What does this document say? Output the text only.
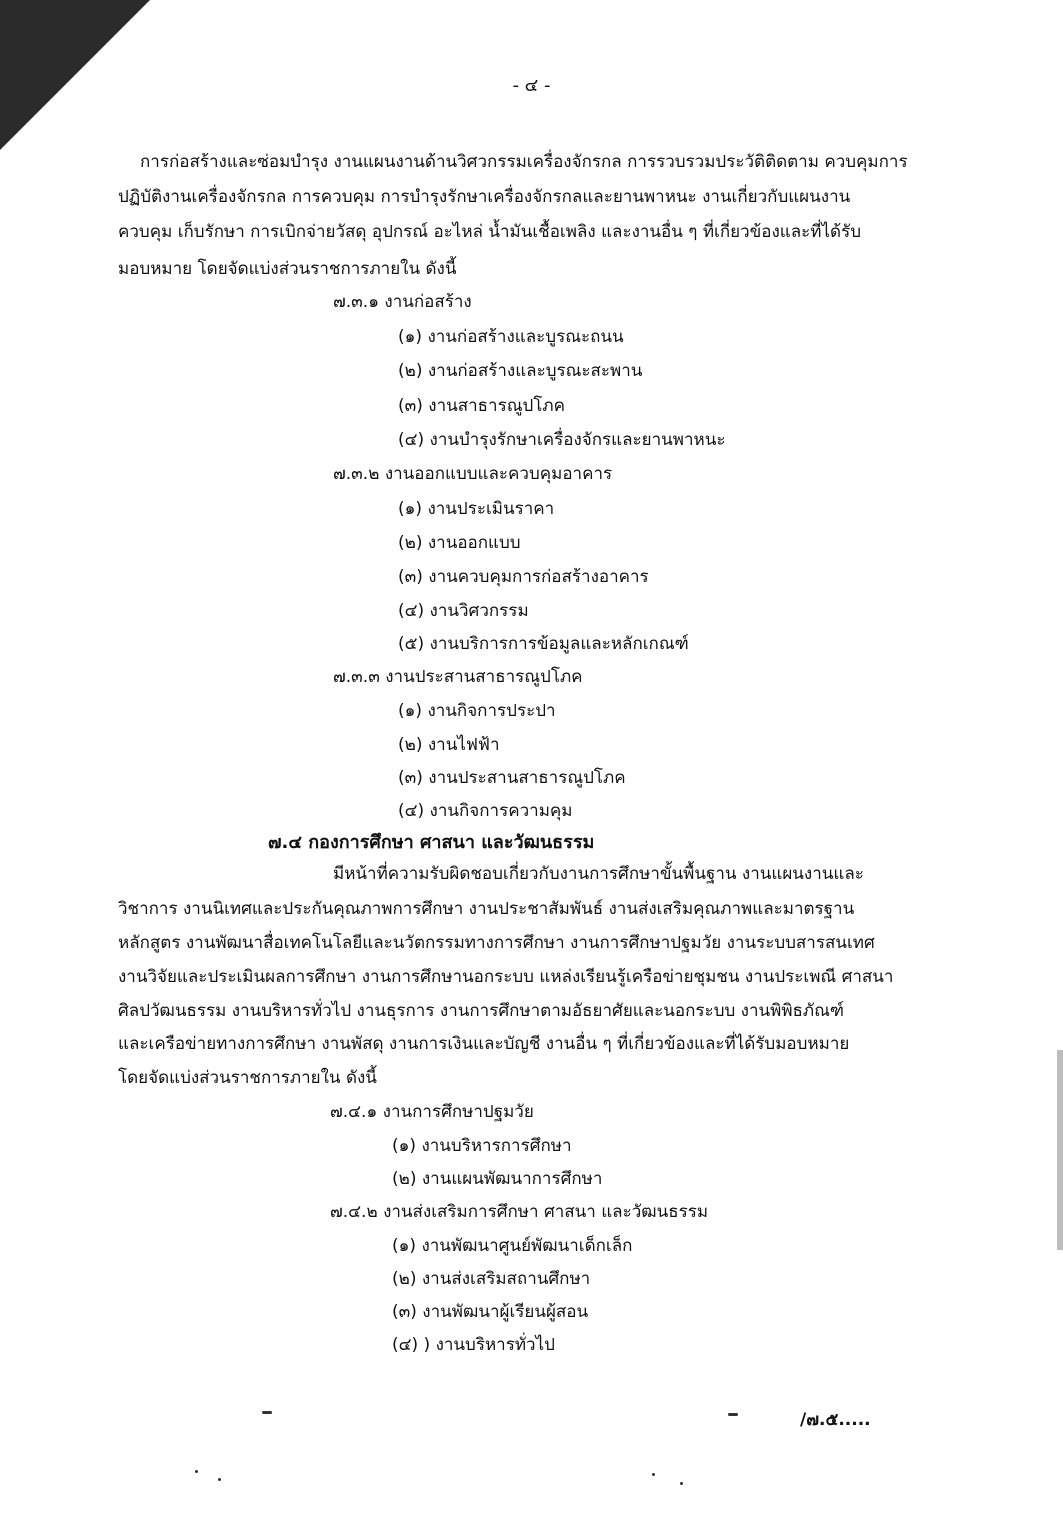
- ๔ -
การก่อสร้างและซ่อมบำรุง งานแผนงานด้านวิศวกรรมเครื่องจักรกล การรวบรวมประวัติติดตาม ควบคุมการ
ปฏิบัติงานเครื่องจักรกล การควบคุม การบำรุงรักษาเครื่องจักรกลและยานพาหนะ งานเกี่ยวกับแผนงาน
ควบคุม เก็บรักษา การเบิกจ่ายวัสดุ อุปกรณ์ อะไหล่ น้ำมันเชื้อเพลิง และงานอื่น ๆ ที่เกี่ยวข้องและที่ได้รับ
มอบหมาย โดยจัดแบ่งส่วนราชการภายใน ดังนี้
๗.๓.๑ งานก่อสร้าง
(๑) งานก่อสร้างและบูรณะถนน
(๒) งานก่อสร้างและบูรณะสะพาน
(๓) งานสาธารณูปโภค
(๔) งานบำรุงรักษาเครื่องจักรและยานพาหนะ
๗.๓.๒ งานออกแบบและควบคุมอาคาร
(๑) งานประเมินราคา
(๒) งานออกแบบ
(๓) งานควบคุมการก่อสร้างอาคาร
(๔) งานวิศวกรรม
(๕) งานบริการการข้อมูลและหลักเกณฑ์
๗.๓.๓ งานประสานสาธารณูปโภค
(๑) งานกิจการประปา
(๒) งานไฟฟ้า
(๓) งานประสานสาธารณูปโภค
(๔) งานกิจการความคุม
๗.๔ กองการศึกษา ศาสนา และวัฒนธรรม
มีหน้าที่ความรับผิดชอบเกี่ยวกับงานการศึกษาขั้นพื้นฐาน งานแผนงานและ
วิชาการ งานนิเทศและประกันคุณภาพการศึกษา งานประชาสัมพันธ์ งานส่งเสริมคุณภาพและมาตรฐาน
หลักสูตร งานพัฒนาสื่อเทคโนโลยีและนวัตกรรมทางการศึกษา งานการศึกษาปฐมวัย งานระบบสารสนเทศ
งานวิจัยและประเมินผลการศึกษา งานการศึกษานอกระบบ แหล่งเรียนรู้เครือข่ายชุมชน งานประเพณี ศาสนา
ศิลปวัฒนธรรม งานบริหารทั่วไป งานธุรการ งานการศึกษาตามอัธยาศัยและนอกระบบ งานพิพิธภัณฑ์
และเครือข่ายทางการศึกษา งานพัสดุ งานการเงินและบัญชี งานอื่น ๆ ที่เกี่ยวข้องและที่ได้รับมอบหมาย
โดยจัดแบ่งส่วนราชการภายใน ดังนี้
๗.๔.๑ งานการศึกษาปฐมวัย
(๑) งานบริหารการศึกษา
(๒) งานแผนพัฒนาการศึกษา
๗.๔.๒ งานส่งเสริมการศึกษา ศาสนา และวัฒนธรรม
(๑) งานพัฒนาศูนย์พัฒนาเด็กเล็ก
(๒) งานส่งเสริมสถานศึกษา
(๓) งานพัฒนาผู้เรียนผู้สอน
(๔) ) งานบริหารทั่วไป
/๗.๕.....
